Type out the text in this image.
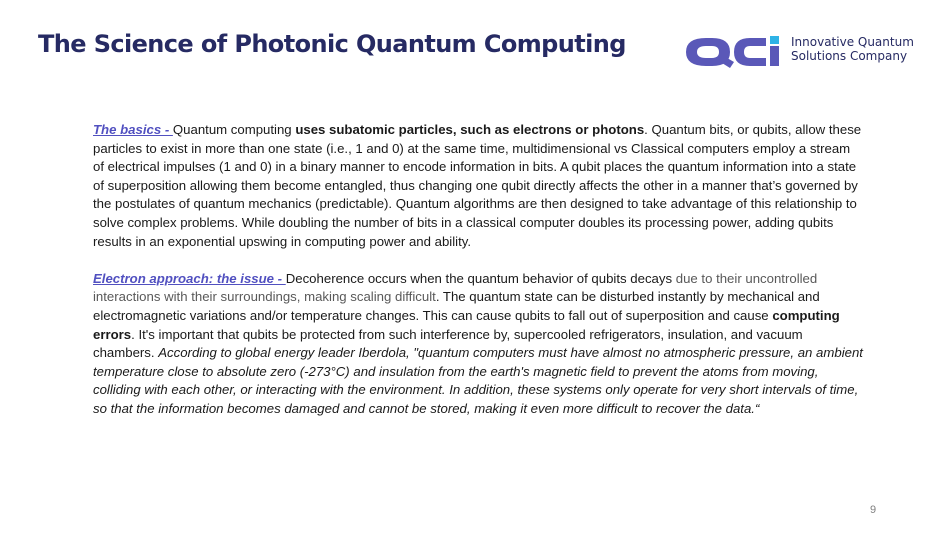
The Science of Photonic Quantum Computing	Innovative Quantum
Solutions Company

The basics - Quantum computing uses subatomic particles, such as electrons or photons. Quantum bits, or qubits, allow these particles to exist in more than one state (i.e., 1 and 0) at the same time, multidimensional vs Classical computers employ a stream of electrical impulses (1 and 0) in a binary manner to encode information in bits. A qubit places the quantum information into a state of superposition allowing them become entangled, thus changing one qubit directly affects the other in a manner that’s governed by the postulates of quantum mechanics (predictable). Quantum algorithms are then designed to take advantage of this relationship to solve complex problems. While doubling the number of bits in a classical computer doubles its processing power, adding qubits results in an exponential upswing in computing power and ability.

Electron approach: the issue - Decoherence occurs when the quantum behavior of qubits decays due to their uncontrolled interactions with their surroundings, making scaling difficult. The quantum state can be disturbed instantly by mechanical and electromagnetic variations and/or temperature changes. This can cause qubits to fall out of superposition and cause computing errors. It's important that qubits be protected from such interference by, supercooled refrigerators, insulation, and vacuum chambers. According to global energy leader Iberdola, "quantum computers must have almost no atmospheric pressure, an ambient temperature close to absolute zero (-273°C) and insulation from the earth's magnetic field to prevent the atoms from moving, colliding with each other, or interacting with the environment. In addition, these systems only operate for very short intervals of time, so that the information becomes damaged and cannot be stored, making it even more difficult to recover the data.“

9
